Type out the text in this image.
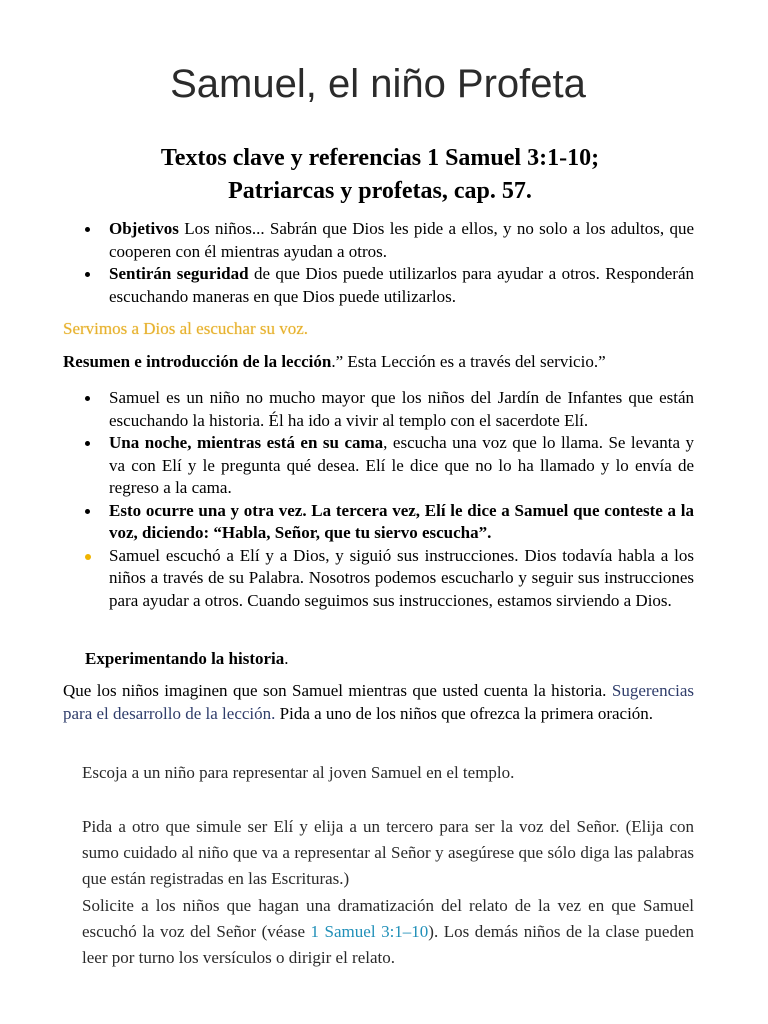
Samuel, el niño Profeta
Textos clave y referencias 1 Samuel 3:1-10;
Patriarcas y profetas, cap. 57.
Objetivos Los niños... Sabrán que Dios les pide a ellos, y no solo a los adultos, que cooperen con él mientras ayudan a otros.
Sentirán seguridad de que Dios puede utilizarlos para ayudar a otros. Responderán escuchando maneras en que Dios puede utilizarlos.
Servimos a Dios al escuchar su voz.
Resumen e introducción de la lección.” Esta Lección es a través del servicio.”
Samuel es un niño no mucho mayor que los niños del Jardín de Infantes que están escuchando la historia. Él ha ido a vivir al templo con el sacerdote Elí.
Una noche, mientras está en su cama, escucha una voz que lo llama. Se levanta y va con Elí y le pregunta qué desea. Elí le dice que no lo ha llamado y lo envía de regreso a la cama.
Esto ocurre una y otra vez. La tercera vez, Elí le dice a Samuel que conteste a la voz, diciendo: “Habla, Señor, que tu siervo escucha”.
Samuel escuchó a Elí y a Dios, y siguió sus instrucciones. Dios todavía habla a los niños a través de su Palabra. Nosotros podemos escucharlo y seguir sus instrucciones para ayudar a otros. Cuando seguimos sus instrucciones, estamos sirviendo a Dios.
Experimentando la historia.
Que los niños imaginen que son Samuel mientras que usted cuenta la historia. Sugerencias para el desarrollo de la lección. Pida a uno de los niños que ofrezca la primera oración.
Escoja a un niño para representar al joven Samuel en el templo.
Pida a otro que simule ser Elí y elija a un tercero para ser la voz del Señor. (Elija con sumo cuidado al niño que va a representar al Señor y asegúrese que sólo diga las palabras que están registradas en las Escrituras.)
Solicite a los niños que hagan una dramatización del relato de la vez en que Samuel escuchó la voz del Señor (véase 1 Samuel 3:1–10). Los demás niños de la clase pueden leer por turno los versículos o dirigir el relato.
